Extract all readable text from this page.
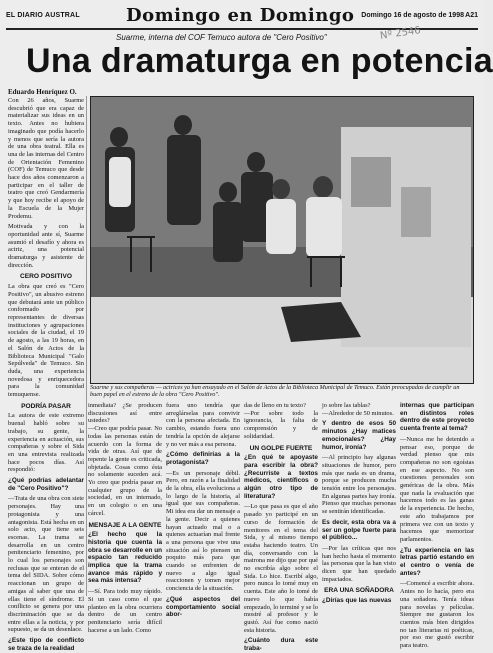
EL DIARIO AUSTRAL	Domingo en Domingo Domingo 16 de agosto de 1998 A21
Nº 2546
Suarme, interna del COF Temuco autora de "Cero Positivo"
Una dramaturga en potencia
Eduardo Henríquez O.

Con 26 años, Suarme descubrió que era capaz de materializar sus ideas en un texto. Antes no hubiera imaginado que podía hacerlo y menos que sería la autora de una obra teatral. Ella es una de las internas del Centro de Orientación Femenino (COF) de Temuco que desde hace dos años comenzaron a participar en el taller de teatro que creó Gendarmería y que hoy recibe el apoyo de la Escuela de la Mujer Prodemu.

Motivada y con la oportunidad ante sí, Suarme asumió el desafío y ahora es actriz, una potencial dramaturga y asistente de dirección.

CERO POSITIVO

La obra que creó es "Cero Positivo", un abusivo estreno que debutará ante un público conformado por representantes de diversas instituciones y agrupaciones sociales de la ciudad, el 19 de agosto, a las 19 horas, en el Salón de Actos de la Biblioteca Municipal "Galo Sepúlveda" de Temuco. Sin duda, una experiencia novedosa y enriquecedora para la comunidad temuquense.

PODRÍA PASAR

La autora de este extremo buenal habló sobre su trabajo, su gente, la experiencia en actuación, sus compañeras y sobre el Sida en una entrevista realizada hace pocos días. Así respondió:

¿Qué podrías adelantar de "Cero Positivo"?

—Trata de una obra con siete personajes. Hay una protagonista y una antagonista. Está hecha en un solo acto, que tiene seis escenas. La trama se desarrolla en un centro penitenciario femenino, por lo cual los personajes son reclusas que se enteran de el tema del SIDA. Sobre cómo reaccionan un grupo de amigas al saber que una de ellas tiene el síndrome. El conflicto se genera por una discriminación que se da entre ellas a la noticia, y por supuesto, se da un desenlace.

¿Este tipo de conflicto se traza de la realidad

Suarme y sus compañeras — actrices ya han ensayado en el Salón de Actos de la Biblioteca Municipal de Temuco. Están preocupadas de cumplir un buen papel en el estreno de la obra "Cero Positivo".

inmediata? ¿Se producen discusiones así entre ustedes?
—Creo que podría pasar. No todas las personas están de acuerdo con la forma de vida de otras. Así que de repente la gente es criticada, objetada. Cosas como ésta no solamente suceden acá. Yo creo que podría pasar en cualquier grupo de la sociedad, en un internado, en un colegio o en una cárcel.

MENSAJE A LA GENTE

¿El hecho que la historia que cuenta la obra se desarrolle en un espacio tan reducido implica que la trama avance más rápido y sea más intensa?

—Sí. Para todo muy rápido. Si un caso como el que planteo en la obra ocurriera dentro de un centro penitenciario sería difícil hacerse a un lado. Como

fuera uno tendría que arreglárselas para convivir con la persona afectada. En cambio, estando fuera uno tendría la opción de alejarse y no ver más a esa persona.

¿Cómo definirías a la protagonista?

—Es un personaje débil. Pero, en razón a la finalidad de la obra, ella evoluciona a lo largo de la historia, al igual que sus compañeras. Mi idea era dar un mensaje a la gente. Decir a quienes hayan actuado mal o a quienes actuarían mal frente a una persona que vive una situación así lo piensen un poquito más para que cuando se enfrenten de nuevo a algo igual reaccionen y tomen mejor conciencia de la situación.

¿Qué aspectos del comportamiento social abor-

das de lleno en tu texto?
—Por sobre todo la ignorancia, la falta de comprensión y de solidaridad.

UN GOLPE FUERTE

¿En qué te apoyaste para escribir la obra? ¿Recurriste a textos médicos, científicos o algún otro tipo de literatura?

—Lo que pasa es que el año pasado yo participé en un curso de formación de monitores en el tema del Sida, y al mismo tiempo estaba haciendo teatro. Un día, conversando con la matrona me dijo que por qué no escribía algo sobre el Sida. Lo hice. Escribí algo, pero nunca lo tomé muy en cuenta. Este año lo tomé de nuevo lo que había empezado, lo terminé y se lo mostré al profesor y le gustó. Así fue como nació esta historia.

¿Cuánto dura este traba-

jo sobre las tablas?
—Alrededor de 50 minutos.

Y dentro de esos 50 minutos ¿Hay matices emocionales? ¿Hay humor, ironía?

—Al principio hay algunas situaciones de humor, pero más que nada es un drama, porque se producen mucha tensión entre los personajes. En algunas partes hay ironía. Pienso que muchas personas se sentirán identificadas.

Es decir, esta obra va a ser un golpe fuerte para el público...

—Por las críticas que nos han hecho hasta el momento las personas que la han visto dicen que han quedado impactados.

ERA UNA SOÑADORA

¿Dirías que las nuevas

internas que participan en distintos roles dentro de este proyecto cuenta frente al tema?

—Nunca me he detenido a pensar eso, porque de verdad pienso que mis compañeras no son egoístas en ese aspecto. No son cuestiones personales son genéricas de la obra. Más que nada la evaluación que hacemos todo es las ganas de la experiencia. De hecho, este año trabajamos por primera vez con un texto y hacemos que memorizar parlamentos.

¿Tu experiencia en las letras partió estando en el centro o venía de antes?

—Comencé a escribir ahora. Antes no lo hacía, pero era una soñadora. Tenía ideas para novelas y películas. Siempre me gustaron los cuentos más bien dirigidos no tan literarias ni poéticas, por eso me gustó escribir para teatro.
